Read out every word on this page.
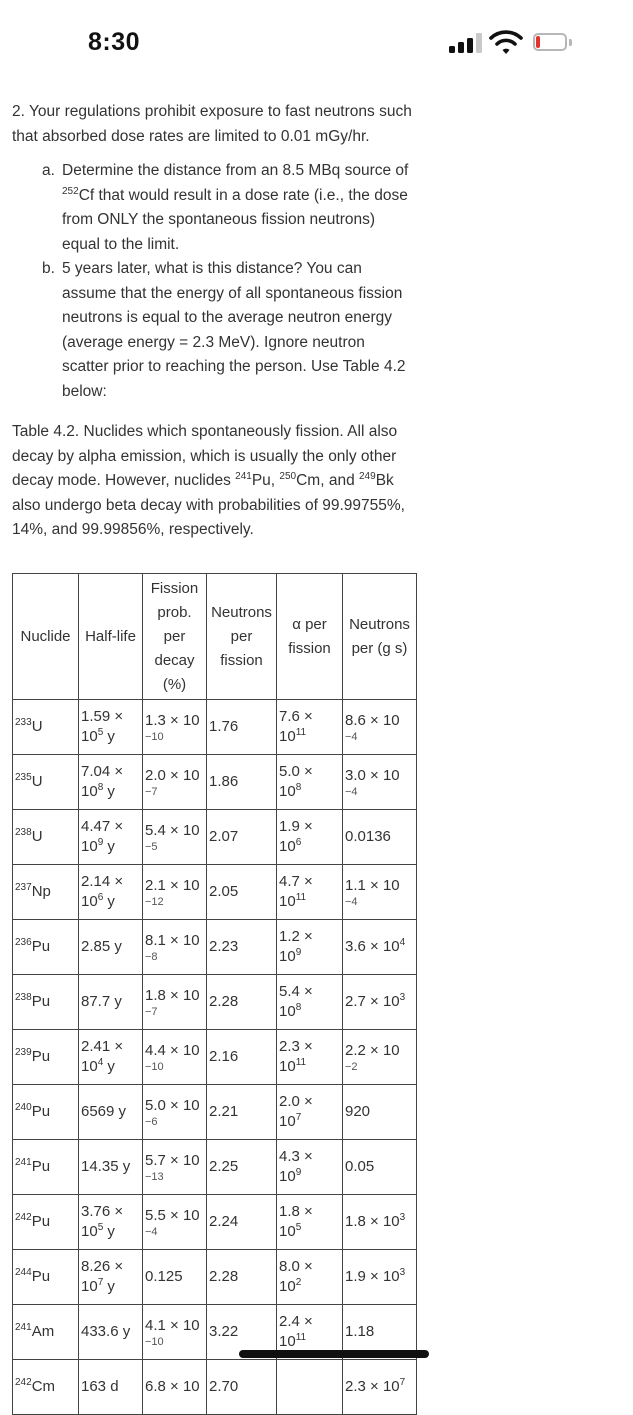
8:30

2. Your regulations prohibit exposure to fast neutrons such that absorbed dose rates are limited to 0.01 mGy/hr.

a. Determine the distance from an 8.5 MBq source of $^{252}$Cf that would result in a dose rate (i.e., the dose from ONLY the spontaneous fission neutrons) equal to the limit.
b. 5 years later, what is this distance? You can assume that the energy of all spontaneous fission neutrons is equal to the average neutron energy (average energy = 2.3 MeV). Ignore neutron scatter prior to reaching the person. Use Table 4.2 below:

Table 4.2. Nuclides which spontaneously fission. All also decay by alpha emission, which is usually the only other decay mode. However, nuclides $^{241}$Pu, $^{250}$Cm, and $^{249}$Bk also undergo beta decay with probabilities of 99.99755%, 14%, and 99.99856%, respectively.

Nuclide	Half-life	Fission prob. per decay (%)	Neutrons per fission	α per fission	Neutrons per (g s)
$^{233}$U	1.59 ×
$10^5$ y	1.3 × 10
−10	1.76	7.6 ×
$10^{11}$	8.6 × 10
−4

$^{235}$U	7.04 ×
$10^8$ y	2.0 × 10
−7	1.86	5.0 ×
$10^8$	3.0 × 10
−4

$^{238}$U	4.47 ×
$10^9$ y	5.4 × 10
−5	2.07	1.9 ×
$10^6$	0.0136

$^{237}$Np	2.14 ×
$10^6$ y	2.1 × 10
−12	2.05	4.7 ×
$10^{11}$	1.1 × 10
−4

$^{236}$Pu	2.85 y	8.1 × 10
−8	2.23	1.2 ×
$10^9$	$3.6 \times 10^4$

$^{238}$Pu	87.7 y	1.8 × 10
−7	2.28	5.4 ×
$10^8$	$2.7 \times 10^3$

$^{239}$Pu	2.41 ×
$10^4$ y	4.4 × 10
−10	2.16	2.3 ×
$10^{11}$	2.2 × 10
−2

$^{240}$Pu	6569 y	5.0 × 10
−6	2.21	2.0 ×
$10^7$	920

$^{241}$Pu	14.35 y	5.7 × 10
−13	2.25	4.3 ×
$10^9$	0.05

$^{242}$Pu	3.76 ×
$10^5$ y	5.5 × 10
−4	2.24	1.8 ×
$10^5$	$1.8 \times 10^3$

$^{244}$Pu	8.26 ×
$10^7$ y	0.125	2.28	8.0 ×
$10^2$	$1.9 \times 10^3$

$^{241}$Am	433.6 y	4.1 × 10
−10	3.22	2.4 ×
$10^{11}$	1.18

$^{242}$Cm	163 d	6.8 × 10	2.70		$2.3 \times 10^7$
